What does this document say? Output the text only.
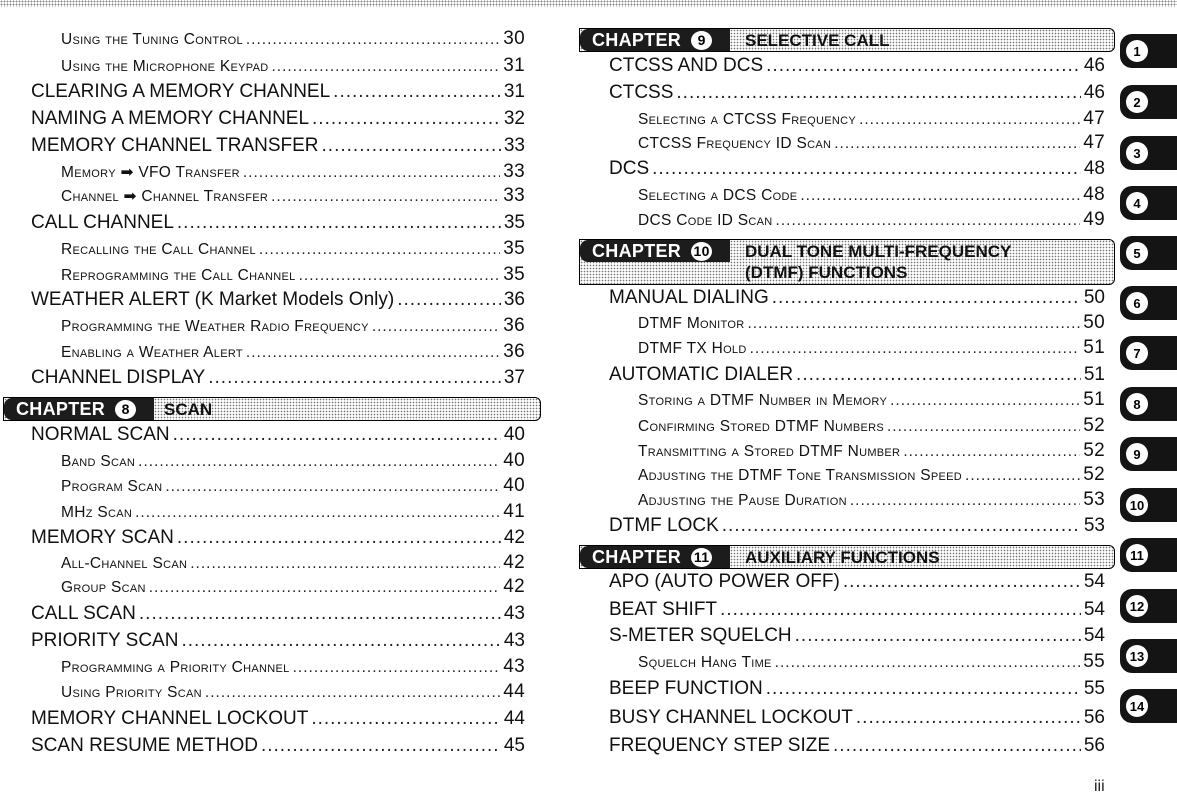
Using the Tuning Control .....	30
Using the Microphone Keypad .....	31
CLEARING A MEMORY CHANNEL .....	31
NAMING A MEMORY CHANNEL .....	32
MEMORY CHANNEL TRANSFER .....	33
Memory ➡ VFO Transfer .....	33
Channel ➡ Channel Transfer .....	33
CALL CHANNEL .....	35
Recalling the Call Channel .....	35
Reprogramming the Call Channel .....	35
WEATHER ALERT (K Market Models Only) .....	36
Programming the Weather Radio Frequency .....	36
Enabling a Weather Alert .....	36
CHANNEL DISPLAY .....	37
NORMAL SCAN .....	40
Band Scan .....	40
Program Scan .....	40
MHz Scan .....	41
MEMORY SCAN .....	42
All-Channel Scan .....	42
Group Scan .....	42
CALL SCAN .....	43
PRIORITY SCAN .....	43
Programming a Priority Channel .....	43
Using Priority Scan .....	44
MEMORY CHANNEL LOCKOUT .....	44
SCAN RESUME METHOD .....	45
CHAPTER	8	SCAN
CTCSS AND DCS .....	46
CTCSS .....	46
Selecting a CTCSS Frequency .....	47
CTCSS Frequency ID Scan .....	47
DCS .....	48
Selecting a DCS Code .....	48
DCS Code ID Scan .....	49
MANUAL DIALING .....	50
DTMF Monitor .....	50
DTMF TX Hold .....	51
AUTOMATIC DIALER .....	51
Storing a DTMF Number in Memory .....	51
Confirming Stored DTMF Numbers .....	52
Transmitting a Stored DTMF Number .....	52
Adjusting the DTMF Tone Transmission Speed .....	52
Adjusting the Pause Duration .....	53
DTMF LOCK .....	53
APO (AUTO POWER OFF) .....	54
BEAT SHIFT .....	54
S-METER SQUELCH .....	54
Squelch Hang Time .....	55
BEEP FUNCTION .....	55
BUSY CHANNEL LOCKOUT .....	56
FREQUENCY STEP SIZE .....	56
CHAPTER	9	SELECTIVE CALL
CHAPTER 10 DUAL TONE MULTI-FREQUENCY
(DTMF) FUNCTIONS
CHAPTER 11 AUXILIARY FUNCTIONS
1
2
3
4
5
6
7
8
9
10
11
12
13
14
iii
